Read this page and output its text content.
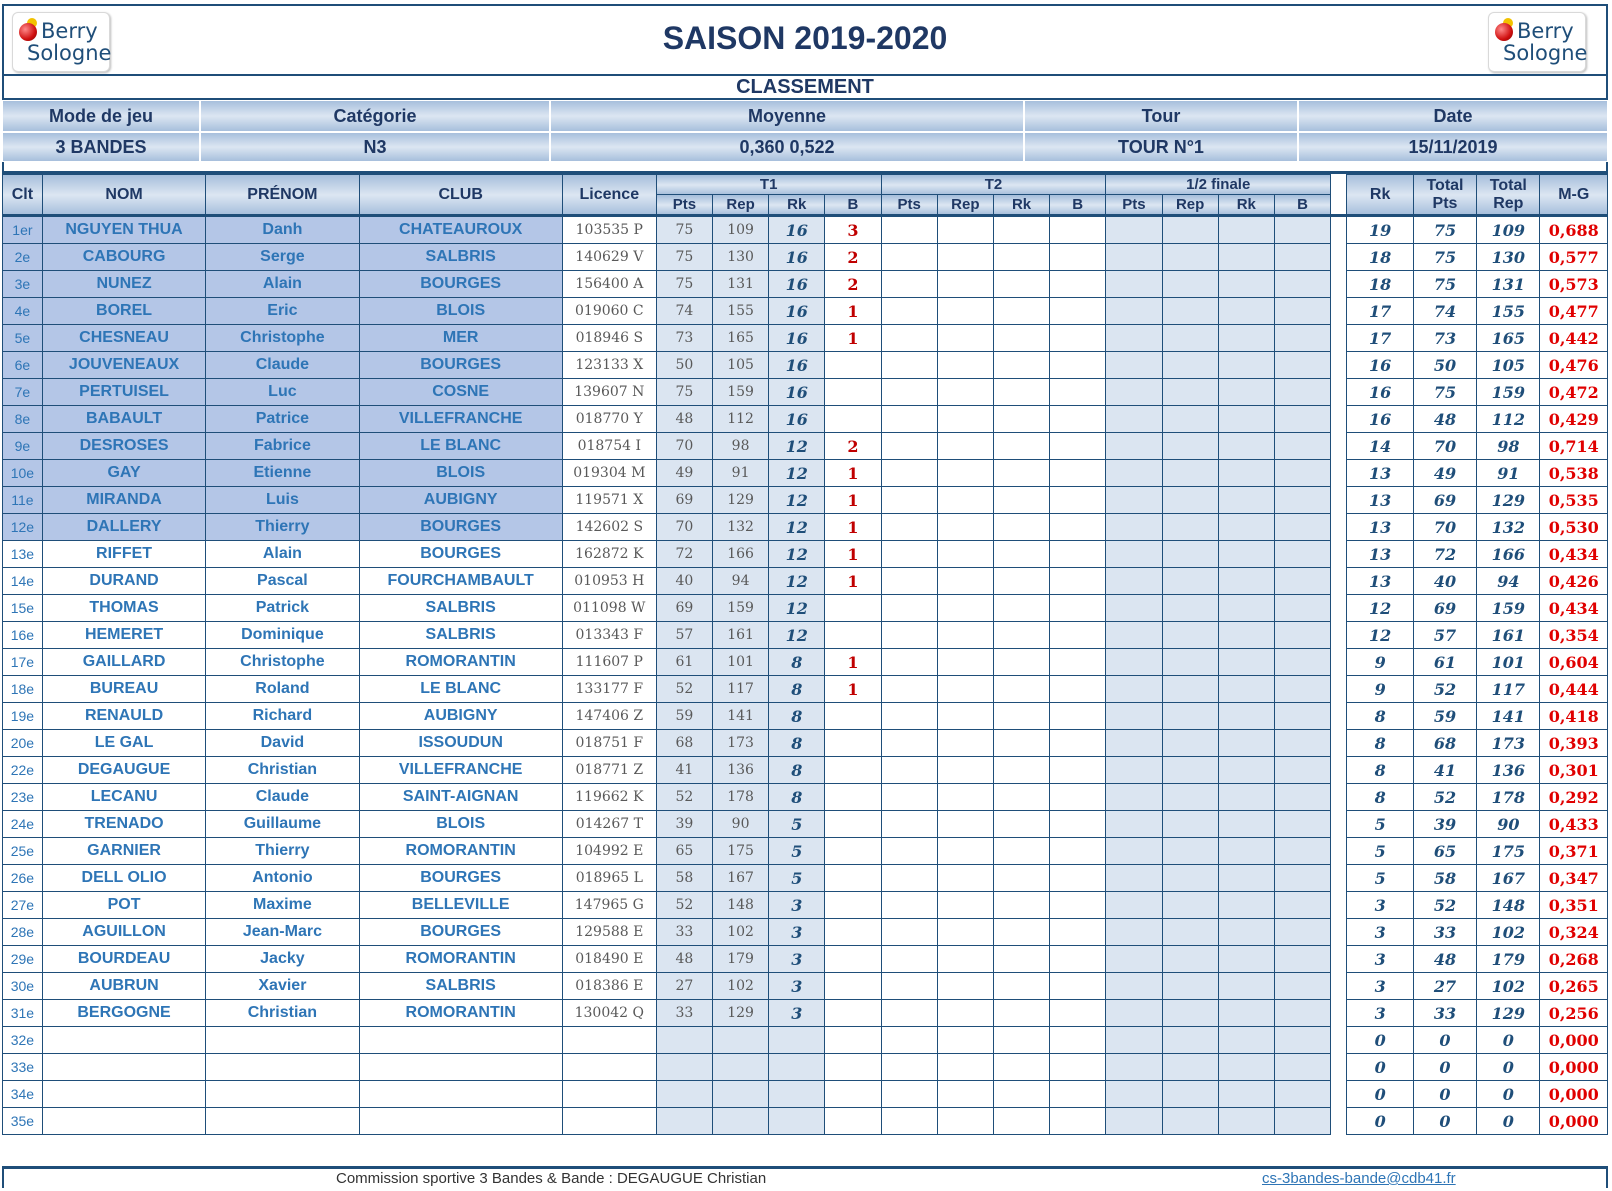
Berry
Sologne	SAISON 2019-2020	Berry
Sologne
CLASSEMENT
Mode de jeu	Catégorie	Moyenne	Tour	Date
3 BANDES	N3	0,360 0,522	TOUR N°1	15/11/2019
Clt	NOM	PRÉNOM	CLUB	Licence	T1				T2				1/2 finale					Rk	Total Pts	Total Rep	M-G
					Pts	Rep	Rk	B	Pts	Rep	Rk	B	Pts	Rep	Rk	B					
1er	NGUYEN THUA	Danh	CHATEAUROUX	103535 P	75	109	16	3										19	75	109	0,688
2e	CABOURG	Serge	SALBRIS	140629 V	75	130	16	2										18	75	130	0,577
3e	NUNEZ	Alain	BOURGES	156400 A	75	131	16	2										18	75	131	0,573
4e	BOREL	Eric	BLOIS	019060 C	74	155	16	1										17	74	155	0,477
5e	CHESNEAU	Christophe	MER	018946 S	73	165	16	1										17	73	165	0,442
6e	JOUVENEAUX	Claude	BOURGES	123133 X	50	105	16											16	50	105	0,476
7e	PERTUISEL	Luc	COSNE	139607 N	75	159	16											16	75	159	0,472
8e	BABAULT	Patrice	VILLEFRANCHE	018770 Y	48	112	16											16	48	112	0,429
9e	DESROSES	Fabrice	LE BLANC	018754 I	70	98	12	2										14	70	98	0,714
10e	GAY	Etienne	BLOIS	019304 M	49	91	12	1										13	49	91	0,538
11e	MIRANDA	Luis	AUBIGNY	119571 X	69	129	12	1										13	69	129	0,535
12e	DALLERY	Thierry	BOURGES	142602 S	70	132	12	1										13	70	132	0,530
13e	RIFFET	Alain	BOURGES	162872 K	72	166	12	1										13	72	166	0,434
14e	DURAND	Pascal	FOURCHAMBAULT	010953 H	40	94	12	1										13	40	94	0,426
15e	THOMAS	Patrick	SALBRIS	011098 W	69	159	12											12	69	159	0,434
16e	HEMERET	Dominique	SALBRIS	013343 F	57	161	12											12	57	161	0,354
17e	GAILLARD	Christophe	ROMORANTIN	111607 P	61	101	8	1										9	61	101	0,604
18e	BUREAU	Roland	LE BLANC	133177 F	52	117	8	1										9	52	117	0,444
19e	RENAULD	Richard	AUBIGNY	147406 Z	59	141	8											8	59	141	0,418
20e	LE GAL	David	ISSOUDUN	018751 F	68	173	8											8	68	173	0,393
22e	DEGAUGUE	Christian	VILLEFRANCHE	018771 Z	41	136	8											8	41	136	0,301
23e	LECANU	Claude	SAINT-AIGNAN	119662 K	52	178	8											8	52	178	0,292
24e	TRENADO	Guillaume	BLOIS	014267 T	39	90	5											5	39	90	0,433
25e	GARNIER	Thierry	ROMORANTIN	104992 E	65	175	5											5	65	175	0,371
26e	DELL OLIO	Antonio	BOURGES	018965 L	58	167	5											5	58	167	0,347
27e	POT	Maxime	BELLEVILLE	147965 G	52	148	3											3	52	148	0,351
28e	AGUILLON	Jean-Marc	BOURGES	129588 E	33	102	3											3	33	102	0,324
29e	BOURDEAU	Jacky	ROMORANTIN	018490 E	48	179	3											3	48	179	0,268
30e	AUBRUN	Xavier	SALBRIS	018386 E	27	102	3											3	27	102	0,265
31e	BERGOGNE	Christian	ROMORANTIN	130042 Q	33	129	3											3	33	129	0,256
32e																		0	0	0	0,000
33e																		0	0	0	0,000
34e																		0	0	0	0,000
35e																		0	0	0	0,000
Commission sportive 3 Bandes & Bande : DEGAUGUE Christian	cs-3bandes-bande@cdb41.fr
